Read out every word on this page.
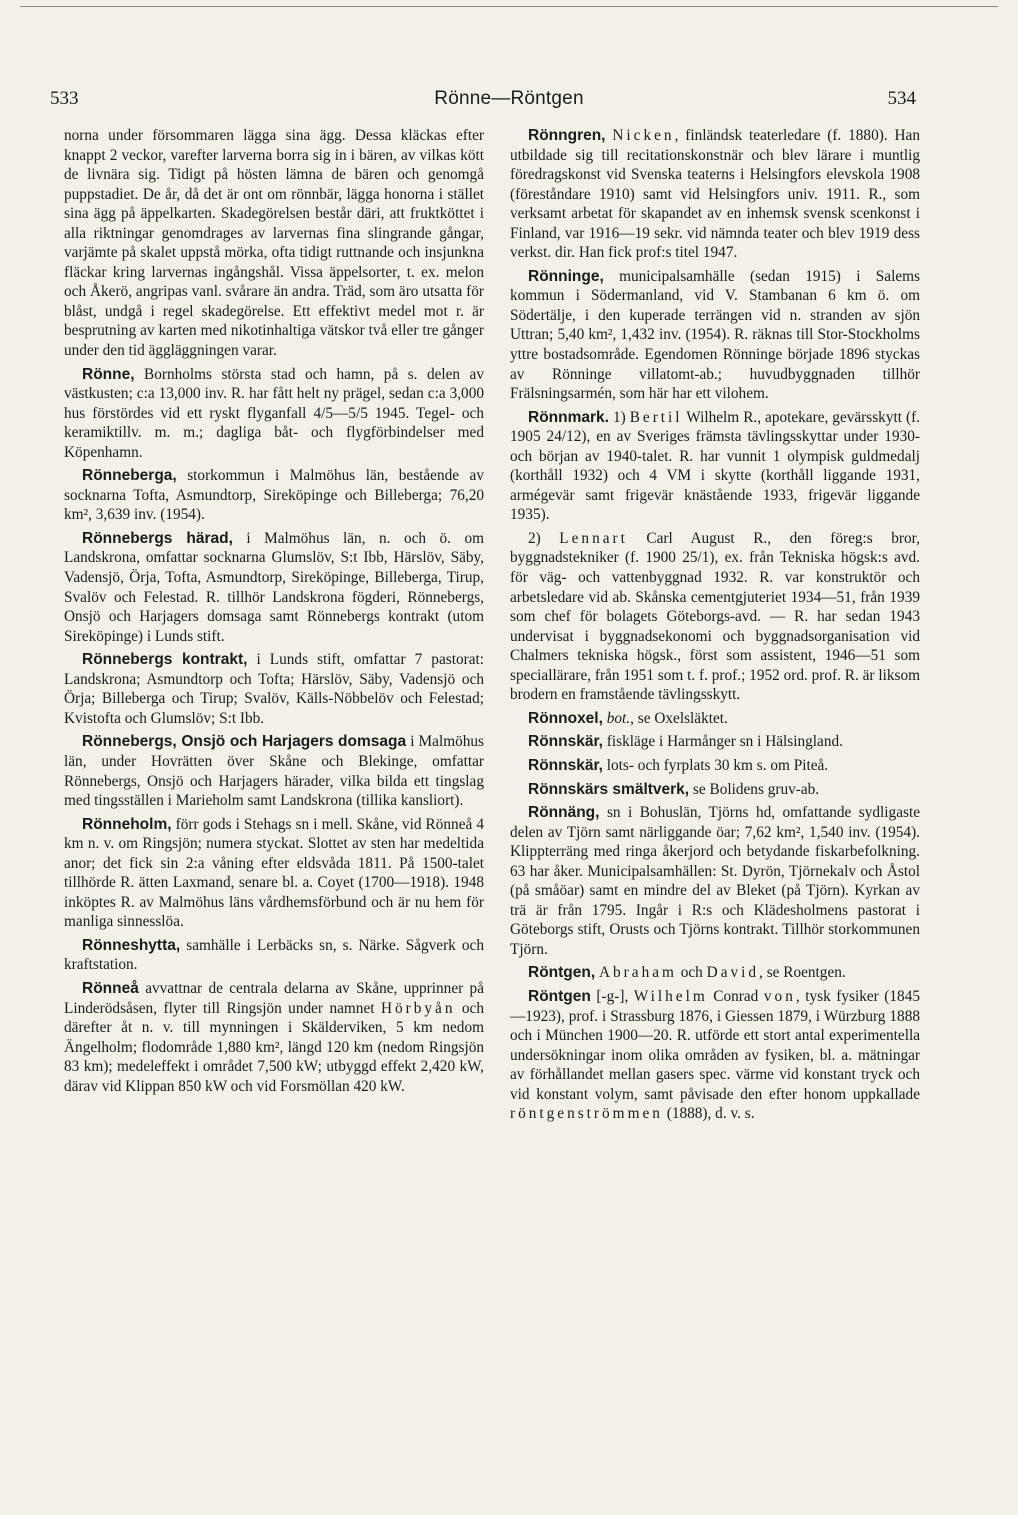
533	Rönne—Röntgen	534

norna under försommaren lägga sina ägg. Dessa kläckas efter knappt 2 veckor, varefter larverna borra sig in i bären, av vilkas kött de livnära sig. Tidigt på hösten lämna de bären och genomgå puppstadiet. De år, då det är ont om rönnbär, lägga honorna i stället sina ägg på äppelkarten. Skadegörelsen består däri, att fruktköttet i alla riktningar genomdrages av larvernas fina slingrande gångar, varjämte på skalet uppstå mörka, ofta tidigt ruttnande och insjunkna fläckar kring larvernas ingångshål. Vissa äppelsorter, t. ex. melon och Åkerö, angripas vanl. svårare än andra. Träd, som äro utsatta för blåst, undgå i regel skadegörelse. Ett effektivt medel mot r. är besprutning av karten med nikotinhaltiga vätskor två eller tre gånger under den tid äggläggningen varar.

Rönne, Bornholms största stad och hamn, på s. delen av västkusten; c:a 13,000 inv. R. har fått helt ny prägel, sedan c:a 3,000 hus förstördes vid ett ryskt flyganfall 4/5—5/5 1945. Tegel- och keramiktillv. m. m.; dagliga båt- och flygförbindelser med Köpenhamn.

Rönneberga, storkommun i Malmöhus län, bestående av socknarna Tofta, Asmundtorp, Sireköpinge och Billeberga; 76,20 km², 3,639 inv. (1954).

Rönnebergs härad, i Malmöhus län, n. och ö. om Landskrona, omfattar socknarna Glumslöv, S:t Ibb, Härslöv, Säby, Vadensjö, Örja, Tofta, Asmundtorp, Sireköpinge, Billeberga, Tirup, Svalöv och Felestad. R. tillhör Landskrona fögderi, Rönnebergs, Onsjö och Harjagers domsaga samt Rönnebergs kontrakt (utom Sireköpinge) i Lunds stift.

Rönnebergs kontrakt, i Lunds stift, omfattar 7 pastorat: Landskrona; Asmundtorp och Tofta; Härslöv, Säby, Vadensjö och Örja; Billeberga och Tirup; Svalöv, Källs-Nöbbelöv och Felestad; Kvistofta och Glumslöv; S:t Ibb.

Rönnebergs, Onsjö och Harjagers domsaga i Malmöhus län, under Hovrätten över Skåne och Blekinge, omfattar Rönnebergs, Onsjö och Harjagers härader, vilka bilda ett tingslag med tingsställen i Marieholm samt Landskrona (tillika kansliort).

Rönneholm, förr gods i Stehags sn i mell. Skåne, vid Rönneå 4 km n. v. om Ringsjön; numera styckat. Slottet av sten har medeltida anor; det fick sin 2:a våning efter eldsvåda 1811. På 1500-talet tillhörde R. ätten Laxmand, senare bl. a. Coyet (1700—1918). 1948 inköptes R. av Malmöhus läns vårdhemsförbund och är nu hem för manliga sinnesslöa.

Rönneshytta, samhälle i Lerbäcks sn, s. Närke. Sågverk och kraftstation.

Rönneå avvattnar de centrala delarna av Skåne, upprinner på Linderödsåsen, flyter till Ringsjön under namnet Hörbyån och därefter åt n. v. till mynningen i Skälderviken, 5 km nedom Ängelholm; flodområde 1,880 km², längd 120 km (nedom Ringsjön 83 km); medeleffekt i området 7,500 kW; utbyggd effekt 2,420 kW, därav vid Klippan 850 kW och vid Forsmöllan 420 kW.

Rönngren, Nicken, finländsk teaterledare (f. 1880). Han utbildade sig till recitationskonstnär och blev lärare i muntlig föredragskonst vid Svenska teaterns i Helsingfors elevskola 1908 (föreståndare 1910) samt vid Helsingfors univ. 1911. R., som verksamt arbetat för skapandet av en inhemsk svensk scenkonst i Finland, var 1916—19 sekr. vid nämnda teater och blev 1919 dess verkst. dir. Han fick prof:s titel 1947.

Rönninge, municipalsamhälle (sedan 1915) i Salems kommun i Södermanland, vid V. Stambanan 6 km ö. om Södertälje, i den kuperade terrängen vid n. stranden av sjön Uttran; 5,40 km², 1,432 inv. (1954). R. räknas till Stor-Stockholms yttre bostadsområde. Egendomen Rönninge började 1896 styckas av Rönninge villatomt-ab.; huvudbyggnaden tillhör Frälsningsarmén, som här har ett vilohem.

Rönnmark. 1) Bertil Wilhelm R., apotekare, gevärsskytt (f. 1905 24/12), en av Sveriges främsta tävlingsskyttar under 1930- och början av 1940-talet. R. har vunnit 1 olympisk guldmedalj (korthåll 1932) och 4 VM i skytte (korthåll liggande 1931, armégevär samt frigevär knästående 1933, frigevär liggande 1935).

2) Lennart Carl August R., den föreg:s bror, byggnadstekniker (f. 1900 25/1), ex. från Tekniska högsk:s avd. för väg- och vattenbyggnad 1932. R. var konstruktör och arbetsledare vid ab. Skånska cementgjuteriet 1934—51, från 1939 som chef för bolagets Göteborgs-avd. — R. har sedan 1943 undervisat i byggnadsekonomi och byggnadsorganisation vid Chalmers tekniska högsk., först som assistent, 1946—51 som speciallärare, från 1951 som t. f. prof.; 1952 ord. prof. R. är liksom brodern en framstående tävlingsskytt.

Rönnoxel, bot., se Oxelsläktet.

Rönnskär, fiskläge i Harmånger sn i Hälsingland.

Rönnskär, lots- och fyrplats 30 km s. om Piteå.

Rönnskärs smältverk, se Bolidens gruv-ab.

Rönnäng, sn i Bohuslän, Tjörns hd, omfattande sydligaste delen av Tjörn samt närliggande öar; 7,62 km², 1,540 inv. (1954). Klippterräng med ringa åkerjord och betydande fiskarbefolkning. 63 har åker. Municipalsamhällen: St. Dyrön, Tjörnekalv och Åstol (på småöar) samt en mindre del av Bleket (på Tjörn). Kyrkan av trä är från 1795. Ingår i R:s och Klädesholmens pastorat i Göteborgs stift, Orusts och Tjörns kontrakt. Tillhör storkommunen Tjörn.

Röntgen, Abraham och David, se Roentgen.

Röntgen [-g-], Wilhelm Conrad von, tysk fysiker (1845—1923), prof. i Strassburg 1876, i Giessen 1879, i Würzburg 1888 och i München 1900—20. R. utförde ett stort antal experimentella undersökningar inom olika områden av fysiken, bl. a. mätningar av förhållandet mellan gasers spec. värme vid konstant tryck och vid konstant volym, samt påvisade den efter honom uppkallade röntgenströmmen (1888), d. v. s.
